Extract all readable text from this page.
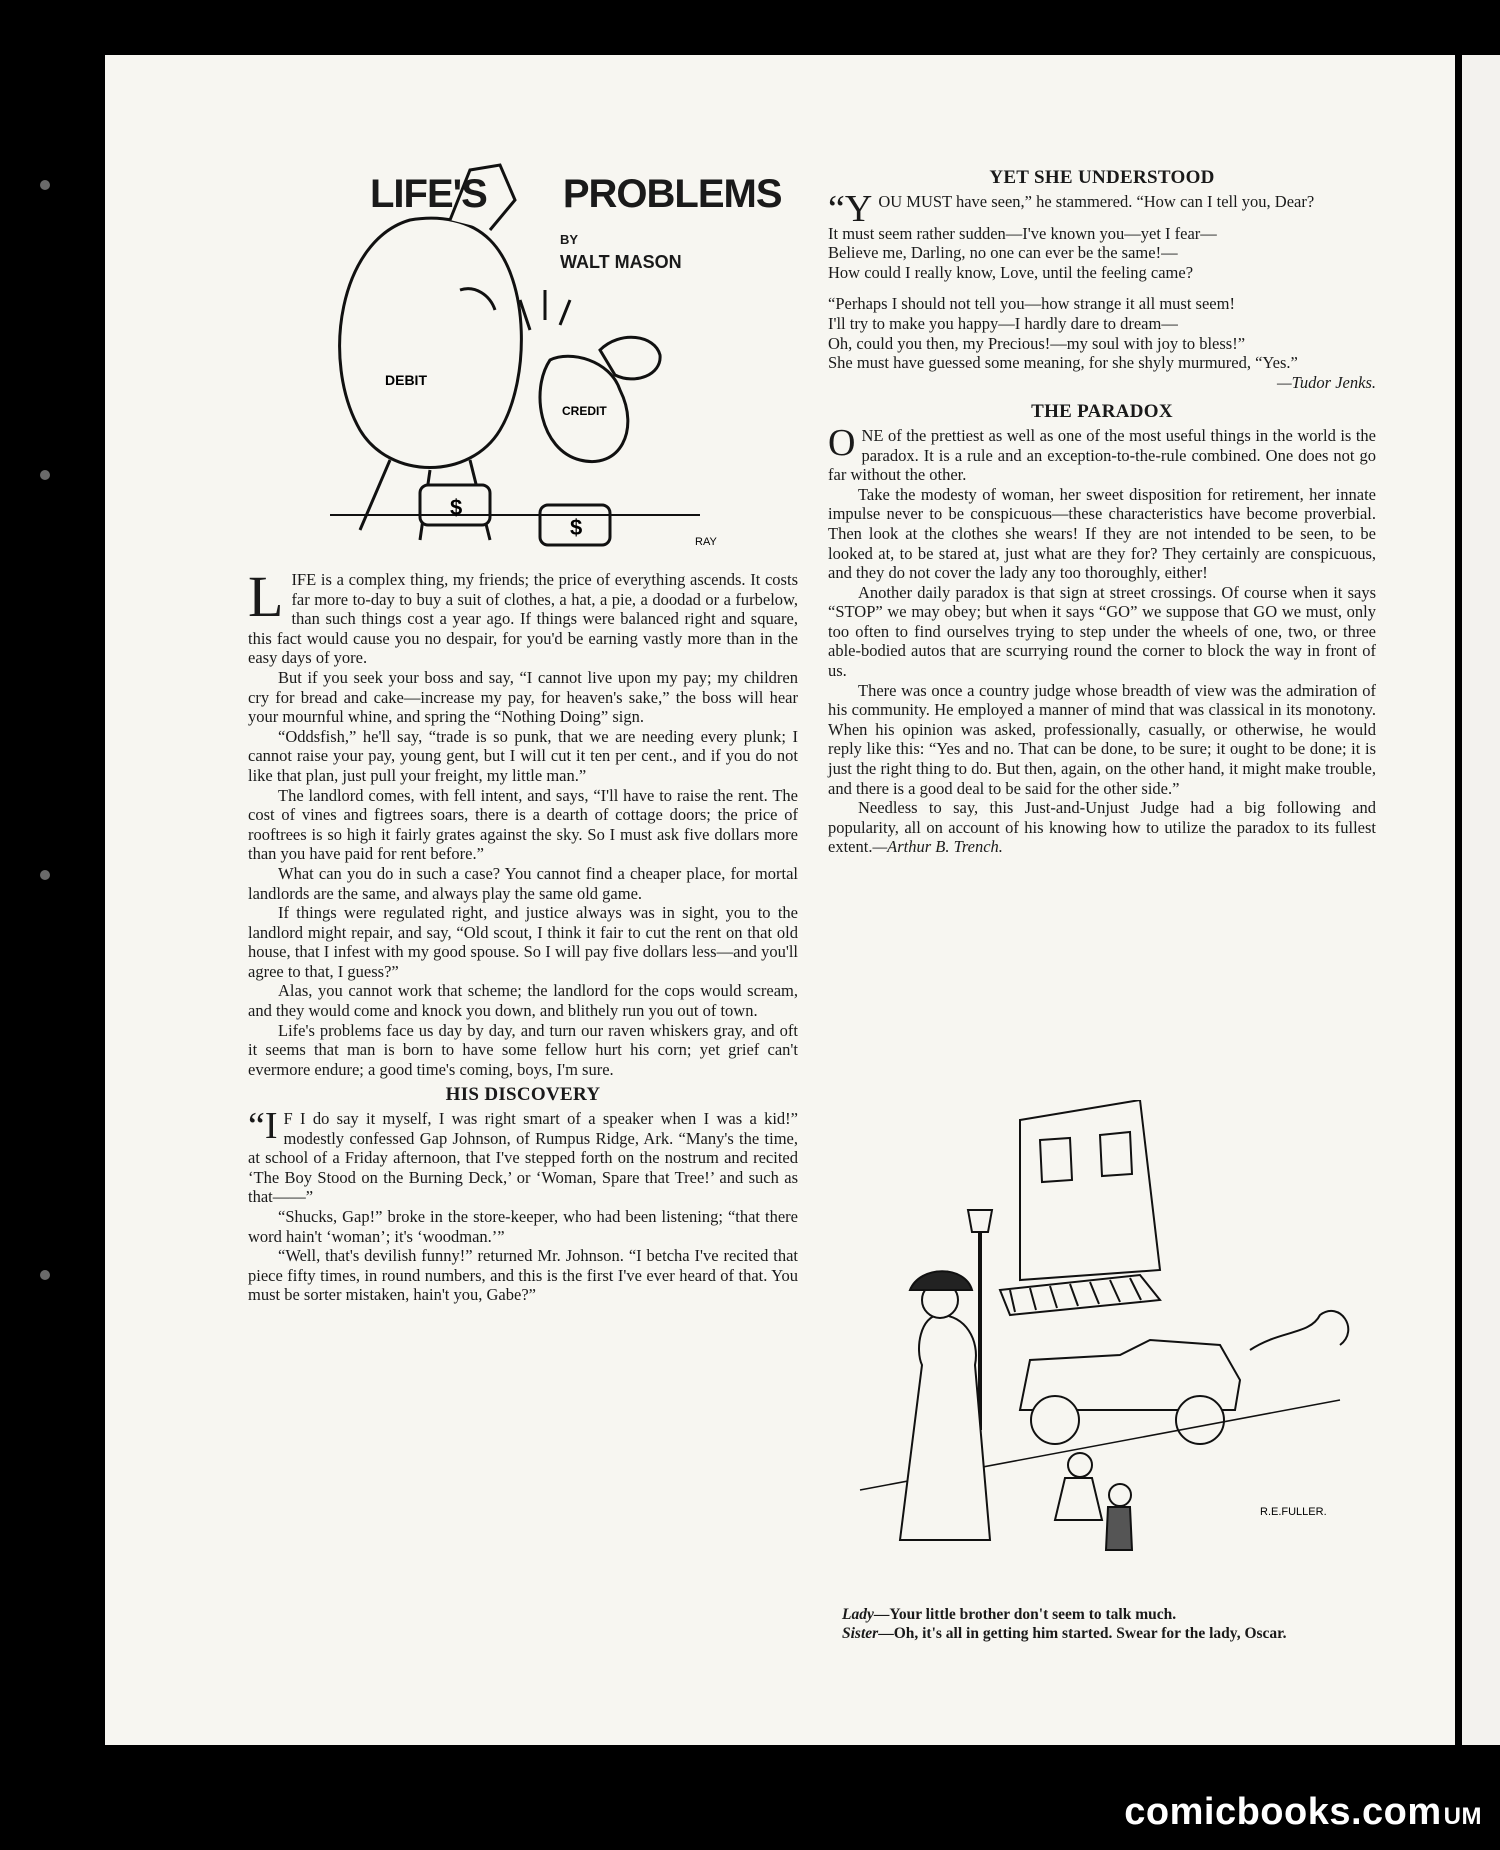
DEBIT
CREDIT
$
$
RAY
LIFE'S PROBLEMS
BY
WALT MASON

LIFE is a complex thing, my friends; the price of everything ascends. It costs far more to-day to buy a suit of clothes, a hat, a pie, a doodad or a furbelow, than such things cost a year ago. If things were balanced right and square, this fact would cause you no despair, for you'd be earning vastly more than in the easy days of yore.

But if you seek your boss and say, “I cannot live upon my pay; my children cry for bread and cake—increase my pay, for heaven's sake,” the boss will hear your mournful whine, and spring the “Nothing Doing” sign.

“Oddsfish,” he'll say, “trade is so punk, that we are needing every plunk; I cannot raise your pay, young gent, but I will cut it ten per cent., and if you do not like that plan, just pull your freight, my little man.”

The landlord comes, with fell intent, and says, “I'll have to raise the rent. The cost of vines and figtrees soars, there is a dearth of cottage doors; the price of rooftrees is so high it fairly grates against the sky. So I must ask five dollars more than you have paid for rent before.”

What can you do in such a case? You cannot find a cheaper place, for mortal landlords are the same, and always play the same old game.

If things were regulated right, and justice always was in sight, you to the landlord might repair, and say, “Old scout, I think it fair to cut the rent on that old house, that I infest with my good spouse. So I will pay five dollars less—and you'll agree to that, I guess?”

Alas, you cannot work that scheme; the landlord for the cops would scream, and they would come and knock you down, and blithely run you out of town.

Life's problems face us day by day, and turn our raven whiskers gray, and oft it seems that man is born to have some fellow hurt his corn; yet grief can't evermore endure; a good time's coming, boys, I'm sure.

HIS DISCOVERY

“I F I do say it myself, I was right smart of a speaker when I was a kid!” modestly confessed Gap Johnson, of Rumpus Ridge, Ark. “Many's the time, at school of a Friday afternoon, that I've stepped forth on the nostrum and recited ‘The Boy Stood on the Burning Deck,’ or ‘Woman, Spare that Tree!’ and such as that——”

“Shucks, Gap!” broke in the store-keeper, who had been listening; “that there word hain't ‘woman’; it's ‘woodman.’”

“Well, that's devilish funny!” returned Mr. Johnson. “I betcha I've recited that piece fifty times, in round numbers, and this is the first I've ever heard of that. You must be sorter mistaken, hain't you, Gabe?”

YET SHE UNDERSTOOD

“YOU MUST have seen,” he stammered. “How can I tell you, Dear?

It must seem rather sudden—I've known you—yet I fear—

Believe me, Darling, no one can ever be the same!—

How could I really know, Love, until the feeling came?

“Perhaps I should not tell you—how strange it all must seem!

I'll try to make you happy—I hardly dare to dream—

Oh, could you then, my Precious!—my soul with joy to bless!”

She must have guessed some meaning, for she shyly murmured, “Yes.”

—Tudor Jenks.

THE PARADOX

ONE of the prettiest as well as one of the most useful things in the world is the paradox. It is a rule and an exception-to-the-rule combined. One does not go far without the other.

Take the modesty of woman, her sweet disposition for retirement, her innate impulse never to be conspicuous—these characteristics have become proverbial. Then look at the clothes she wears! If they are not intended to be seen, to be looked at, to be stared at, just what are they for? They certainly are conspicuous, and they do not cover the lady any too thoroughly, either!

Another daily paradox is that sign at street crossings. Of course when it says “STOP” we may obey; but when it says “GO” we suppose that GO we must, only too often to find ourselves trying to step under the wheels of one, two, or three able-bodied autos that are scurrying round the corner to block the way in front of us.

There was once a country judge whose breadth of view was the admiration of his community. He employed a manner of mind that was classical in its monotony. When his opinion was asked, professionally, casually, or otherwise, he would reply like this: “Yes and no. That can be done, to be sure; it ought to be done; it is just the right thing to do. But then, again, on the other hand, it might make trouble, and there is a good deal to be said for the other side.”

Needless to say, this Just-and-Unjust Judge had a big following and popularity, all on account of his knowing how to utilize the paradox to its fullest extent.—Arthur B. Trench.

R.E.FULLER.
Lady—Your little brother don't seem to talk much.
Sister—Oh, it's all in getting him started. Swear for the lady, Oscar.
comicbooks.comUM
